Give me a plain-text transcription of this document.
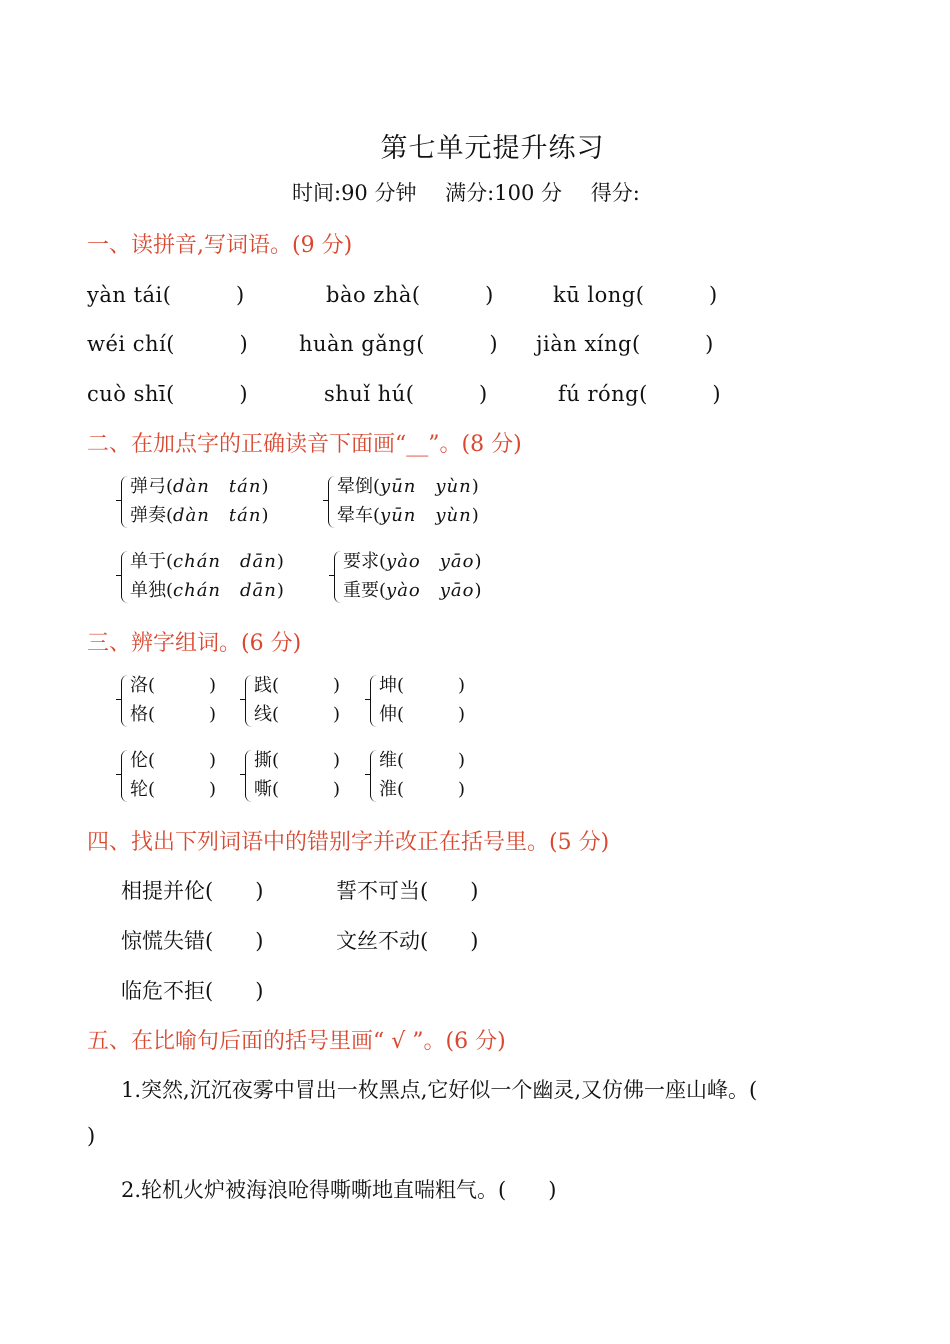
第七单元提升练习
时间:90 分钟 满分:100 分 得分:
一、读拼音,写词语。(9 分)
yàn tái(　　　)	bào zhà(　　　)	kū long(　　　)
wéi chí(　　　) huàn gǎng(　　　) jiàn xíng(　　　)
cuò shī(　　　)	shuǐ hú(　　　)	fú róng(　　　)
二、在加点字的正确读音下面画“__”。(8 分)
弹弓(dàn　tán)
弹奏(dàn　tán)
晕倒(yūn　yùn)
晕车(yūn　yùn)
单于(chán　dān)
单独(chán　dān)
要求(yào　yāo)
重要(yào　yāo)
三、辨字组词。(6 分)
洛(　　　)
格(　　　)
践(　　　)
线(　　　)
坤(　　　)
伸(　　　)
伦(　　　)
轮(　　　)
撕(　　　)
嘶(　　　)
维(　　　)
淮(　　　)
四、找出下列词语中的错别字并改正在括号里。(5 分)
相提并伦(　　)	誓不可当(　　)
惊慌失错(　　)	文丝不动(　　)
临危不拒(　　)
五、在比喻句后面的括号里画“ √ ”。(6 分)
1.突然,沉沉夜雾中冒出一枚黑点,它好似一个幽灵,又仿佛一座山峰。(
)
2.轮机火炉被海浪呛得嘶嘶地直喘粗气。(　　)
